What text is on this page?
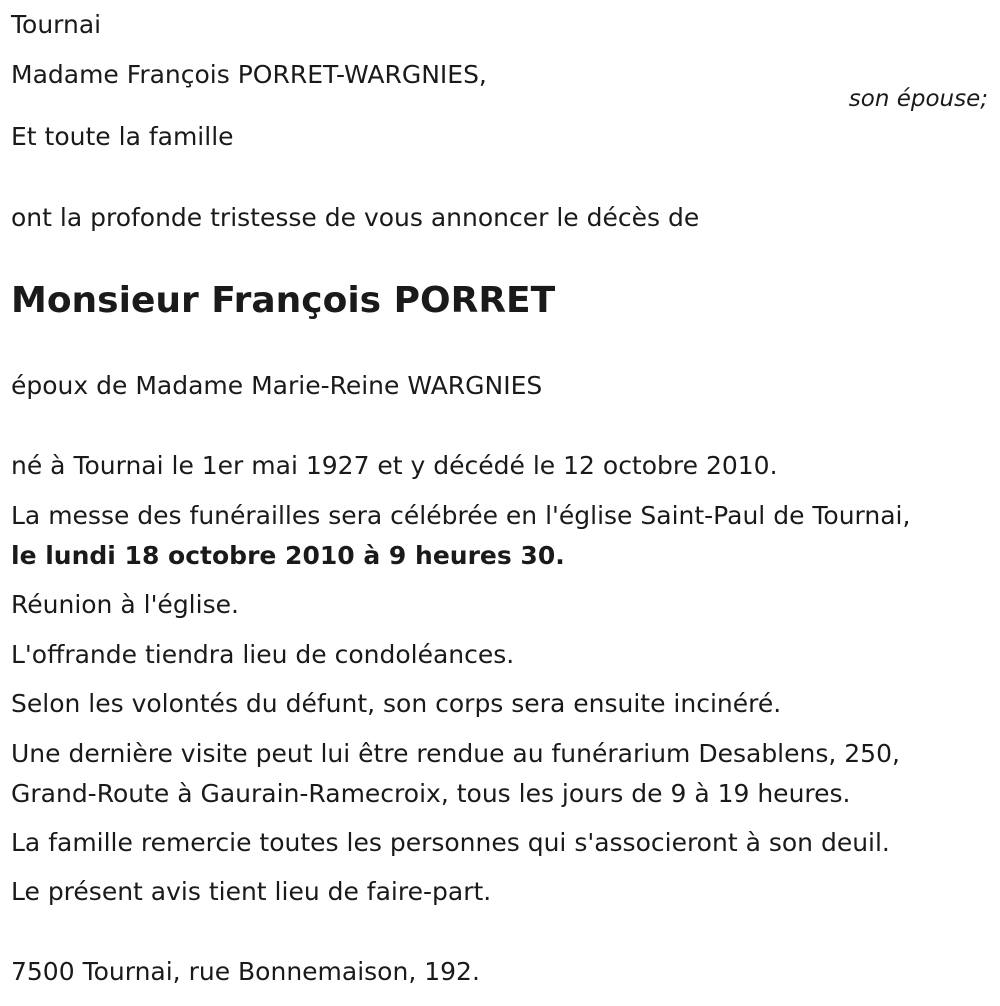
Tournai
Madame François PORRET-WARGNIES,
son épouse;
Et toute la famille
ont la profonde tristesse de vous annoncer le décès de
Monsieur François PORRET
époux de Madame Marie-Reine WARGNIES
né à Tournai le 1er mai 1927 et y décédé le 12 octobre 2010.
La messe des funérailles sera célébrée en l'église Saint-Paul de Tournai,
le lundi 18 octobre 2010 à 9 heures 30.
Réunion à l'église.
L'offrande tiendra lieu de condoléances.
Selon les volontés du défunt, son corps sera ensuite incinéré.
Une dernière visite peut lui être rendue au funérarium Desablens, 250,
Grand-Route à Gaurain-Ramecroix, tous les jours de 9 à 19 heures.
La famille remercie toutes les personnes qui s'associeront à son deuil.
Le présent avis tient lieu de faire-part.
7500 Tournai, rue Bonnemaison, 192.
